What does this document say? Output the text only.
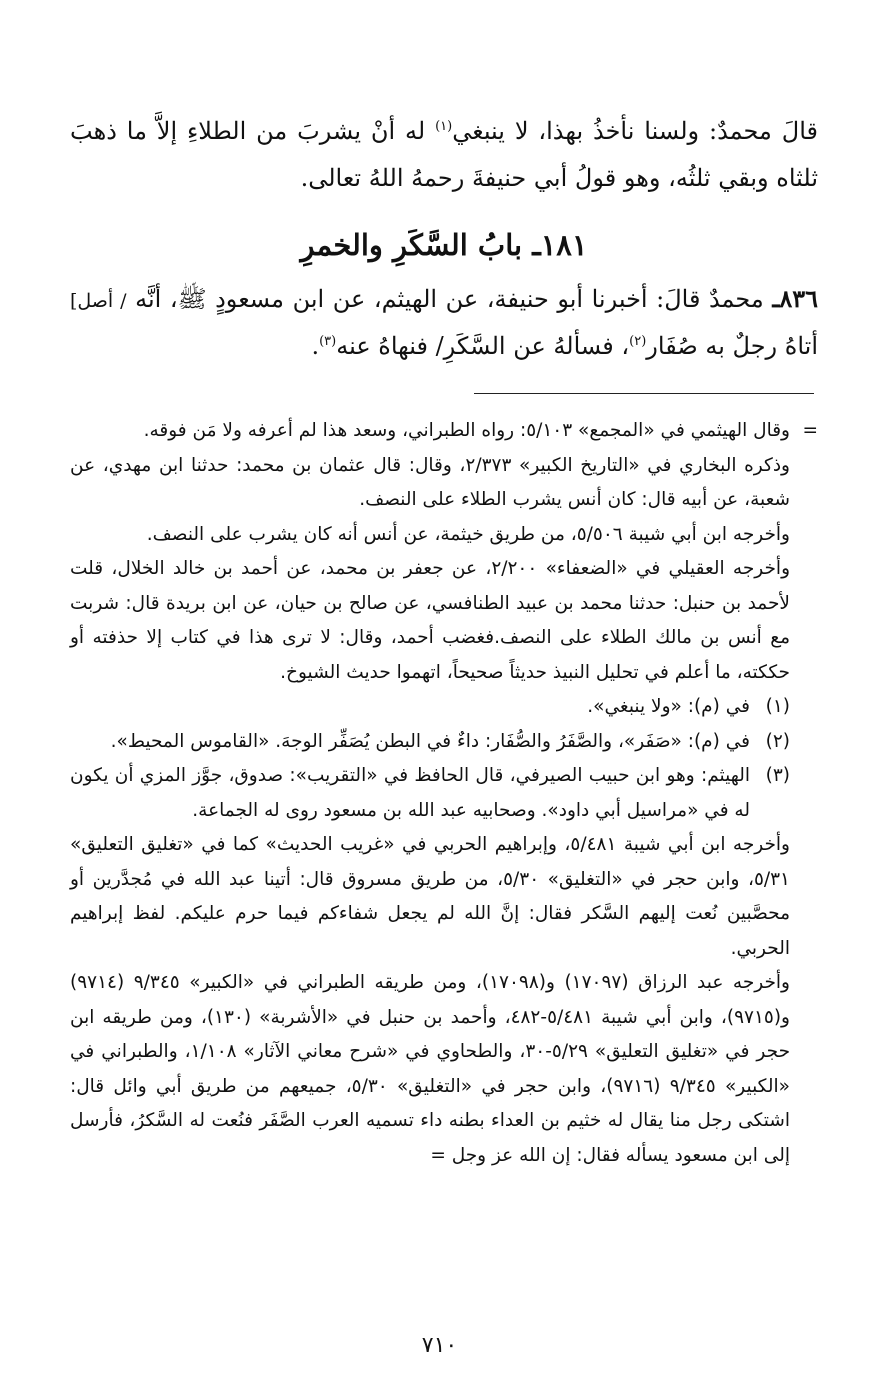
قالَ محمدٌ: ولسنا نأخذُ بهذا، لا ينبغي$^{(١)}$ له أنْ يشربَ من الطلاءِ إلاَّ ما ذهبَ ثلثاه وبقي ثلثُه، وهو قولُ أبي حنيفةَ رحمهُ اللهُ تعالى.

١٨١ـ بابُ السَّكَرِ والخمرِ

٨٣٦ـ محمدٌ قالَ: أخبرنا أبو حنيفة، عن الهيثم، عن ابن مسعودٍ ﷺ، أنَّه / أصل] أتاهُ رجلٌ به صُفَار$^{(٢)}$، فسألهُ عن السَّكَرِ/ فنهاهُ عنه$^{(٣)}$.

=

وقال الهيثمي في «المجمع» ٥/١٠٣: رواه الطبراني، وسعد هذا لم أعرفه ولا مَن فوقه.

وذكره البخاري في «التاريخ الكبير» ٢/٣٧٣، وقال: قال عثمان بن محمد: حدثنا ابن مهدي، عن شعبة، عن أبيه قال: كان أنس يشرب الطلاء على النصف.

وأخرجه ابن أبي شيبة ٥/٥٠٦، من طريق خيثمة، عن أنس أنه كان يشرب على النصف.

وأخرجه العقيلي في «الضعفاء» ٢/٢٠٠، عن جعفر بن محمد، عن أحمد بن خالد الخلال، قلت لأحمد بن حنبل: حدثنا محمد بن عبيد الطنافسي، عن صالح بن حيان، عن ابن بريدة قال: شربت مع أنس بن مالك الطلاء على النصف.فغضب أحمد، وقال: لا ترى هذا في كتاب إلا حذفته أو حككته، ما أعلم في تحليل النبيذ حديثاً صحيحاً، اتهموا حديث الشيوخ.

(١)
في (م): «ولا ينبغي».

(٢)
في (م): «صَفَر»، والصَّفَرُ والصُّفَار: داءٌ في البطن يُصَفِّر الوجهَ. «القاموس المحيط».

(٣)
الهيثم: وهو ابن حبيب الصيرفي، قال الحافظ في «التقريب»: صدوق، جوَّز المزي أن يكون له في «مراسيل أبي داود». وصحابيه عبد الله بن مسعود روى له الجماعة.

وأخرجه ابن أبي شيبة ٥/٤٨١، وإبراهيم الحربي في «غريب الحديث» كما في «تغليق التعليق» ٥/٣١، وابن حجر في «التغليق» ٥/٣٠، من طريق مسروق قال: أتينا عبد الله في مُجدَّرين أو محصَّبين نُعت إليهم السَّكر فقال: إنَّ الله لم يجعل شفاءكم فيما حرم عليكم. لفظ إبراهيم الحربي.

وأخرجه عبد الرزاق (١٧٠٩٧) و(١٧٠٩٨)، ومن طريقه الطبراني في «الكبير» ٩/٣٤٥ (٩٧١٤) و(٩٧١٥)، وابن أبي شيبة ٥/٤٨١-٤٨٢، وأحمد بن حنبل في «الأشربة» (١٣٠)، ومن طريقه ابن حجر في «تغليق التعليق» ٥/٢٩-٣٠، والطحاوي في «شرح معاني الآثار» ١/١٠٨، والطبراني في «الكبير» ٩/٣٤٥ (٩٧١٦)، وابن حجر في «التغليق» ٥/٣٠، جميعهم من طريق أبي وائل قال: اشتكى رجل منا يقال له خثيم بن العداء بطنه داء تسميه العرب الصَّفَر فنُعت له السَّكرُ، فأرسل إلى ابن مسعود يسأله فقال: إن الله عز وجل =

٧١٠
